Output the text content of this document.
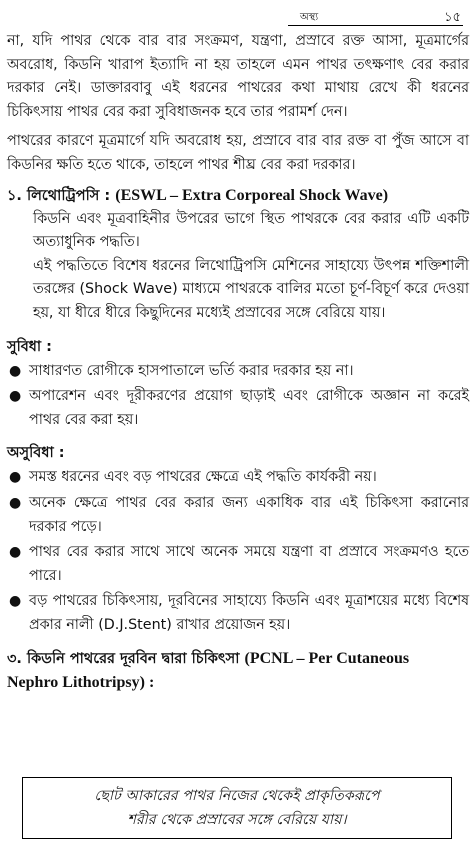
অস্থ্য	১৫

না, যদি পাথর থেকে বার বার সংক্রমণ, যন্ত্রণা, প্রস্রাবে রক্ত আসা, মূত্রমার্গের অবরোধ, কিডনি খারাপ ইত্যাদি না হয় তাহলে এমন পাথর তৎক্ষণাৎ বের করার দরকার নেই। ডাক্তারবাবু এই ধরনের পাথরের কথা মাথায় রেখে কী ধরনের চিকিৎসায় পাথর বের করা সুবিধাজনক হবে তার পরামর্শ দেন।

পাথরের কারণে মূত্রমার্গে যদি অবরোধ হয়, প্রস্রাবে বার বার রক্ত বা পুঁজ আসে বা কিডনির ক্ষতি হতে থাকে, তাহলে পাথর শীঘ্র বের করা দরকার।

১. লিথোট্রিপসি : (ESWL – Extra Corporeal Shock Wave)

কিডনি এবং মূত্রবাহিনীর উপরের ভাগে স্থিত পাথরকে বের করার এটি একটি অত্যাধুনিক পদ্ধতি।

এই পদ্ধতিতে বিশেষ ধরনের লিথোট্রিপসি মেশিনের সাহায্যে উৎপন্ন শক্তিশালী তরঙ্গের (Shock Wave) মাধ্যমে পাথরকে বালির মতো চূর্ণ-বিচূর্ণ করে দেওয়া হয়, যা ধীরে ধীরে কিছুদিনের মধ্যেই প্রস্রাবের সঙ্গে বেরিয়ে যায়।

সুবিধা :
● সাধারণত রোগীকে হাসপাতালে ভর্তি করার দরকার হয় না।
● অপারেশন এবং দূরীকরণের প্রয়োগ ছাড়াই এবং রোগীকে অজ্ঞান না করেই পাথর বের করা হয়।
অসুবিধা :
● সমস্ত ধরনের এবং বড় পাথরের ক্ষেত্রে এই পদ্ধতি কার্যকরী নয়।
● অনেক ক্ষেত্রে পাথর বের করার জন্য একাধিক বার এই চিকিৎসা করানোর দরকার পড়ে।
● পাথর বের করার সাথে সাথে অনেক সময়ে যন্ত্রণা বা প্রস্রাবে সংক্রমণও হতে পারে।
● বড় পাথরের চিকিৎসায়, দূরবিনের সাহায্যে কিডনি এবং মূত্রাশয়ের মধ্যে বিশেষ প্রকার নালী (D.J.Stent) রাখার প্রয়োজন হয়।
৩. কিডনি পাথরের দূরবিন দ্বারা চিকিৎসা (PCNL – Per Cutaneous
Nephro Lithotripsy) :

ছোট আকারের পাথর নিজের থেকেই প্রাকৃতিকরূপে

শরীর থেকে প্রস্রাবের সঙ্গে বেরিয়ে যায়।
